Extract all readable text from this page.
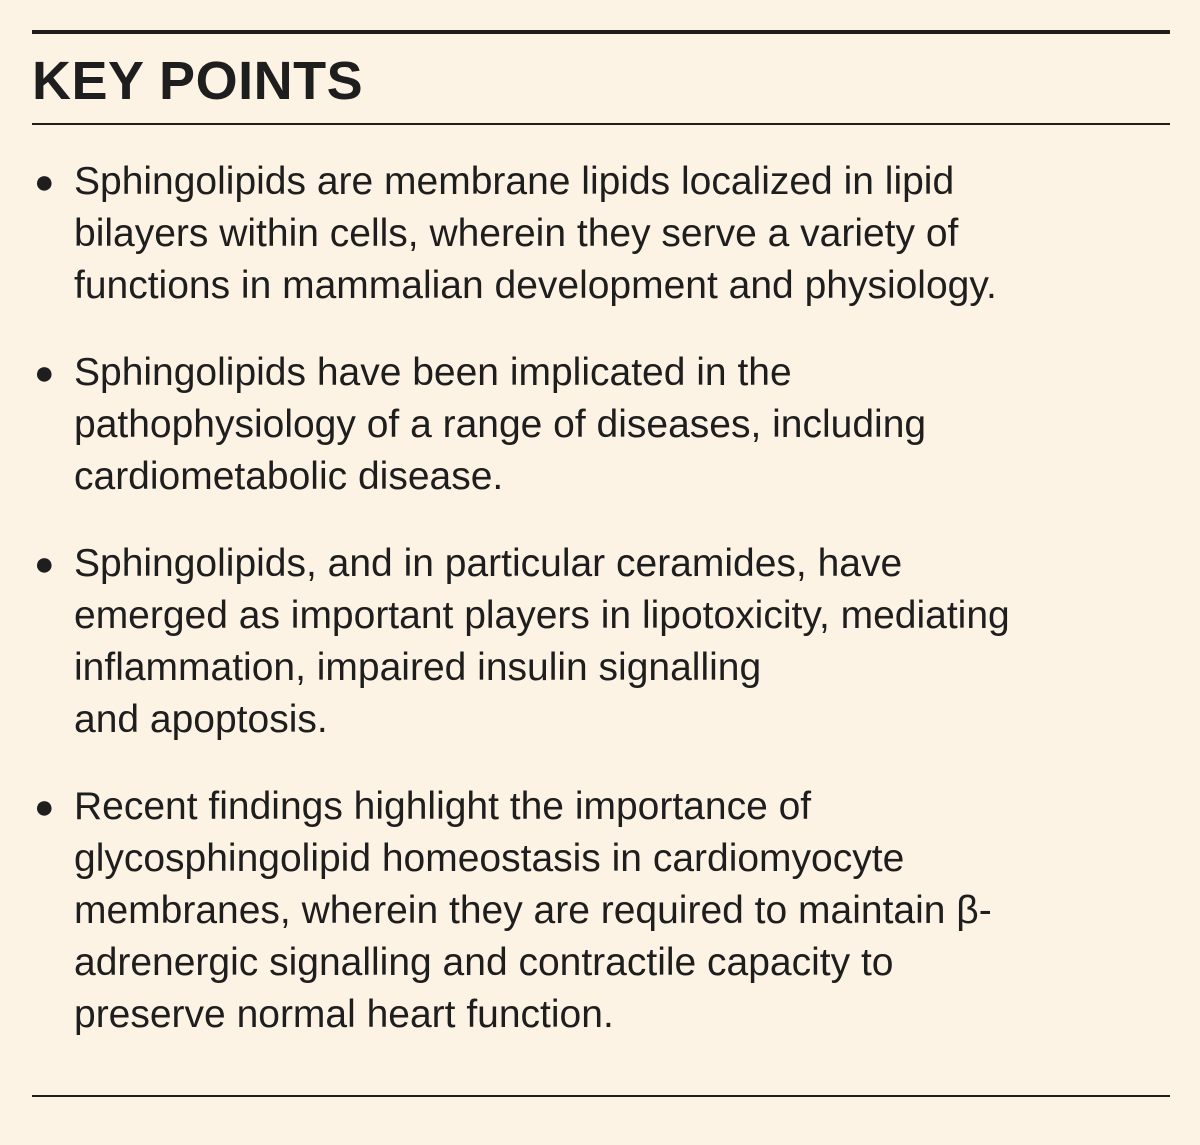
KEY POINTS
● Sphingolipids are membrane lipids localized in lipid
bilayers within cells, wherein they serve a variety of
functions in mammalian development and physiology.
● Sphingolipids have been implicated in the
pathophysiology of a range of diseases, including
cardiometabolic disease.
● Sphingolipids, and in particular ceramides, have
emerged as important players in lipotoxicity, mediating
inflammation, impaired insulin signalling
and apoptosis.
● Recent findings highlight the importance of
glycosphingolipid homeostasis in cardiomyocyte
membranes, wherein they are required to maintain β-
adrenergic signalling and contractile capacity to
preserve normal heart function.
